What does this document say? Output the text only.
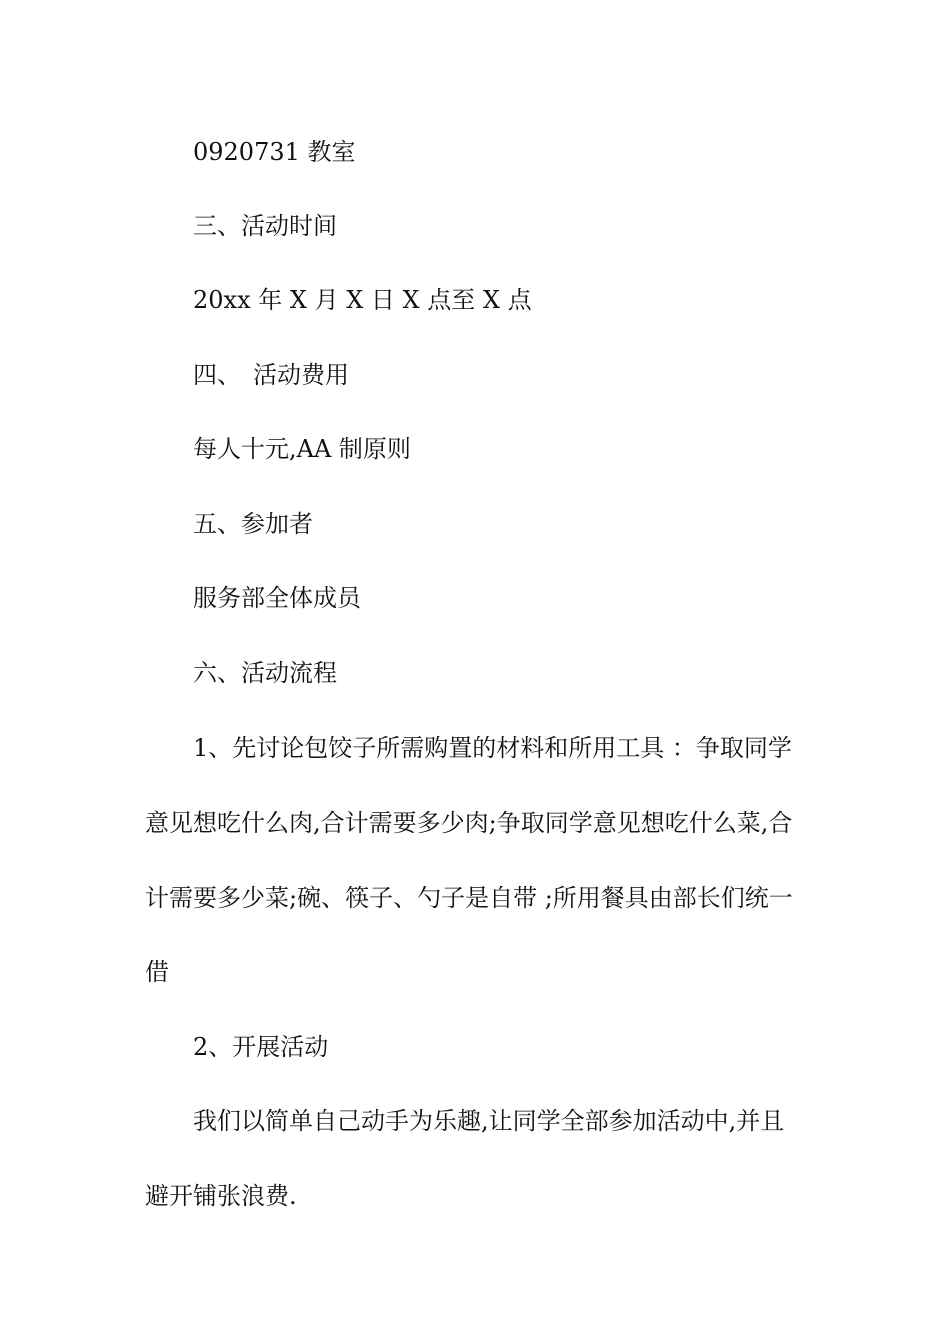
0920731 教室
三、活动时间
20xx 年 X 月 X 日 X 点至 X 点
四、　活动费用
每人十元,AA 制原则
五、参加者
服务部全体成员
六、活动流程
1、先讨论包饺子所需购置的材料和所用工具 ：争取同学
意见想吃什么肉,合计需要多少肉;争取同学意见想吃什么菜,合
计需要多少菜;碗、筷子、勺子是自带 ;所用餐具由部长们统一
借
2、开展活动
我们以简单自己动手为乐趣,让同学全部参加活动中,并且
避开铺张浪费.
